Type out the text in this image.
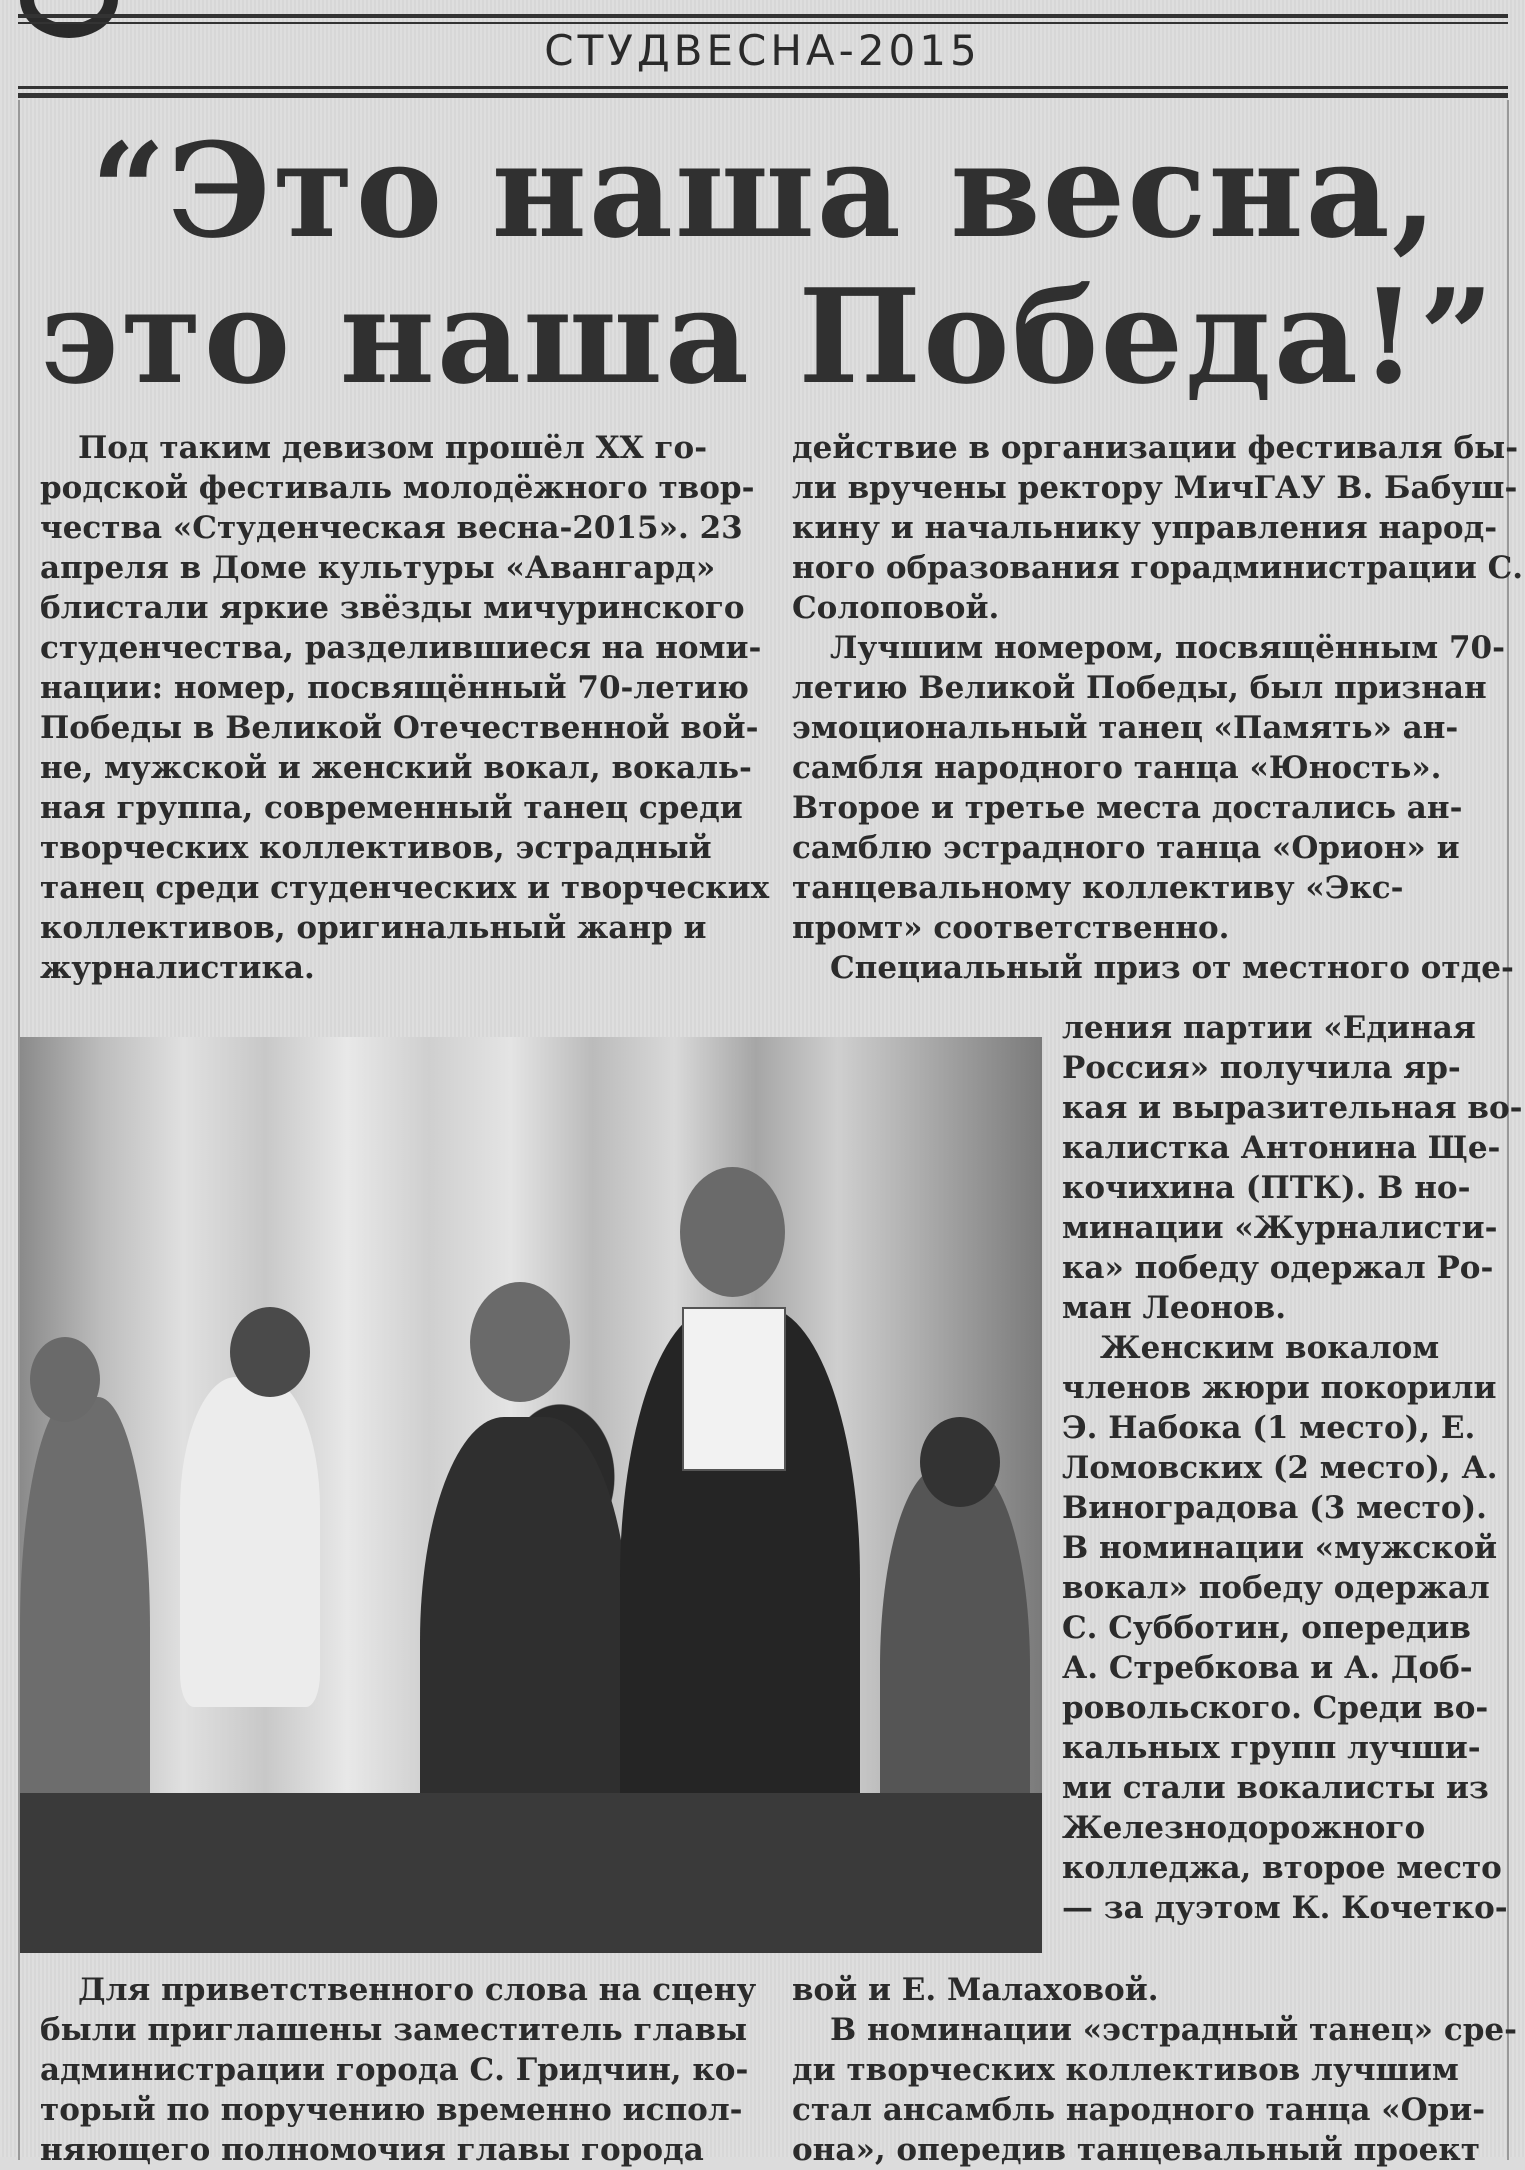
СТУДВЕСНА-2015
“Это наша весна,
это наша Победа!”
Под таким девизом прошёл XX го-
родской фестиваль молодёжного твор-
чества «Студенческая весна-2015». 23
апреля в Доме культуры «Авангард»
блистали яркие звёзды мичуринского
студенчества, разделившиеся на номи-
нации: номер, посвящённый 70-летию
Победы в Великой Отечественной вой-
не, мужской и женский вокал, вокаль-
ная группа, современный танец среди
творческих коллективов, эстрадный
танец среди студенческих и творческих
коллективов, оригинальный жанр и
журналистика.
действие в организации фестиваля бы-
ли вручены ректору МичГАУ В. Бабуш-
кину и начальнику управления народ-
ного образования горадминистрации С.
Солоповой.
Лучшим номером, посвящённым 70-
летию Великой Победы, был признан
эмоциональный танец «Память» ан-
самбля народного танца «Юность».
Второе и третье места достались ан-
самблю эстрадного танца «Орион» и
танцевальному коллективу «Экс-
промт» соответственно.
Специальный приз от местного отде-
ления партии «Единая
Россия» получила яр-
кая и выразительная во-
калистка Антонина Ще-
кочихина (ПТК). В но-
минации «Журналисти-
ка» победу одержал Ро-
ман Леонов.
Женским вокалом
членов жюри покорили
Э. Набока (1 место), Е.
Ломовских (2 место), А.
Виноградова (3 место).
В номинации «мужской
вокал» победу одержал
С. Субботин, опередив
А. Стребкова и А. Доб-
ровольского. Среди во-
кальных групп лучши-
ми стали вокалисты из
Железнодорожного
колледжа, второе место
— за дуэтом К. Кочетко-
Для приветственного слова на сцену
были приглашены заместитель главы
администрации города С. Гридчин, ко-
торый по поручению временно испол-
няющего полномочия главы города
вой и Е. Малаховой.
В номинации «эстрадный танец» сре-
ди творческих коллективов лучшим
стал ансамбль народного танца «Ори-
она», опередив танцевальный проект
